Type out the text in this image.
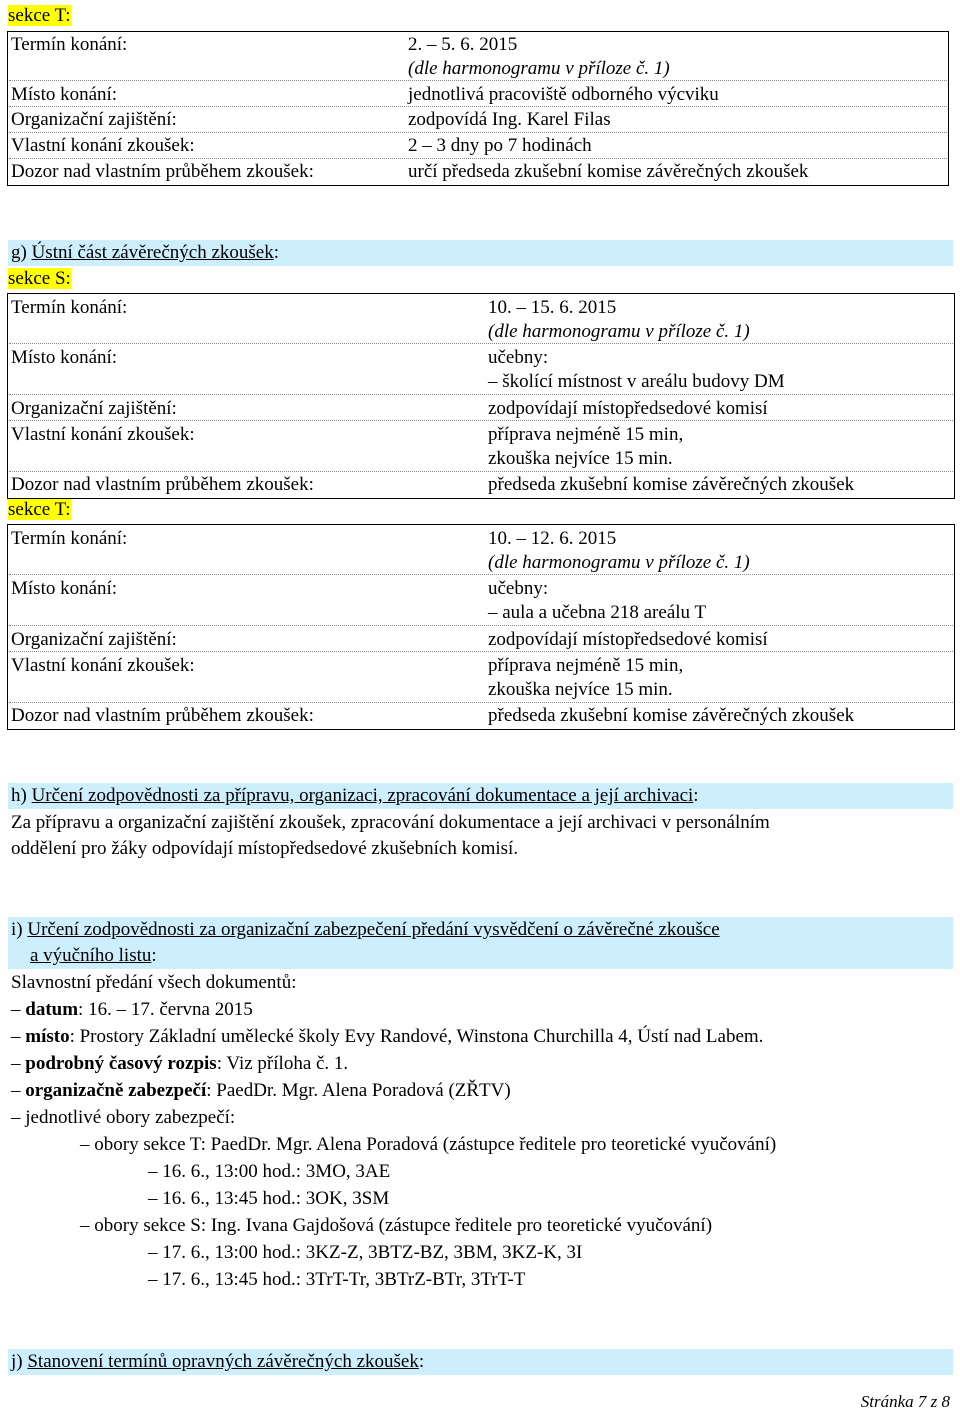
sekce T:
Termín konání:	2. – 5. 6. 2015
(dle harmonogramu v příloze č. 1)
Místo konání:	jednotlivá pracoviště odborného výcviku
Organizační zajištění:	zodpovídá Ing. Karel Filas
Vlastní konání zkoušek:	2 – 3 dny po 7 hodinách
Dozor nad vlastním průběhem zkoušek:	určí předseda zkušební komise závěrečných zkoušek
g) Ústní část závěrečných zkoušek:
sekce S:
Termín konání:	10. – 15. 6. 2015
(dle harmonogramu v příloze č. 1)
Místo konání:	učebny:
– školící místnost v areálu budovy DM
Organizační zajištění:	zodpovídají místopředsedové komisí
Vlastní konání zkoušek:	příprava nejméně 15 min,
zkouška nejvíce 15 min.
Dozor nad vlastním průběhem zkoušek:	předseda zkušební komise závěrečných zkoušek
sekce T:
Termín konání:	10. – 12. 6. 2015
(dle harmonogramu v příloze č. 1)
Místo konání:	učebny:
– aula a učebna 218 areálu T
Organizační zajištění:	zodpovídají místopředsedové komisí
Vlastní konání zkoušek:	příprava nejméně 15 min,
zkouška nejvíce 15 min.
Dozor nad vlastním průběhem zkoušek:	předseda zkušební komise závěrečných zkoušek
h) Určení zodpovědnosti za přípravu, organizaci, zpracování dokumentace a její archivaci:
Za přípravu a organizační zajištění zkoušek, zpracování dokumentace a její archivaci v personálním
oddělení pro žáky odpovídají místopředsedové zkušebních komisí.
i) Určení zodpovědnosti za organizační zabezpečení předání vysvědčení o závěrečné zkoušce
a výučního listu:
Slavnostní předání všech dokumentů:
– datum: 16. – 17. června 2015
– místo: Prostory Základní umělecké školy Evy Randové, Winstona Churchilla 4, Ústí nad Labem.
– podrobný časový rozpis: Viz příloha č. 1.
– organizačně zabezpečí: PaedDr. Mgr. Alena Poradová (ZŘTV)
– jednotlivé obory zabezpečí:
– obory sekce T: PaedDr. Mgr. Alena Poradová (zástupce ředitele pro teoretické vyučování)
– 16. 6., 13:00 hod.: 3MO, 3AE
– 16. 6., 13:45 hod.: 3OK, 3SM
– obory sekce S: Ing. Ivana Gajdošová (zástupce ředitele pro teoretické vyučování)
– 17. 6., 13:00 hod.: 3KZ-Z, 3BTZ-BZ, 3BM, 3KZ-K, 3I
– 17. 6., 13:45 hod.: 3TrT-Tr, 3BTrZ-BTr, 3TrT-T
j) Stanovení termínů opravných závěrečných zkoušek:
Stránka 7 z 8
